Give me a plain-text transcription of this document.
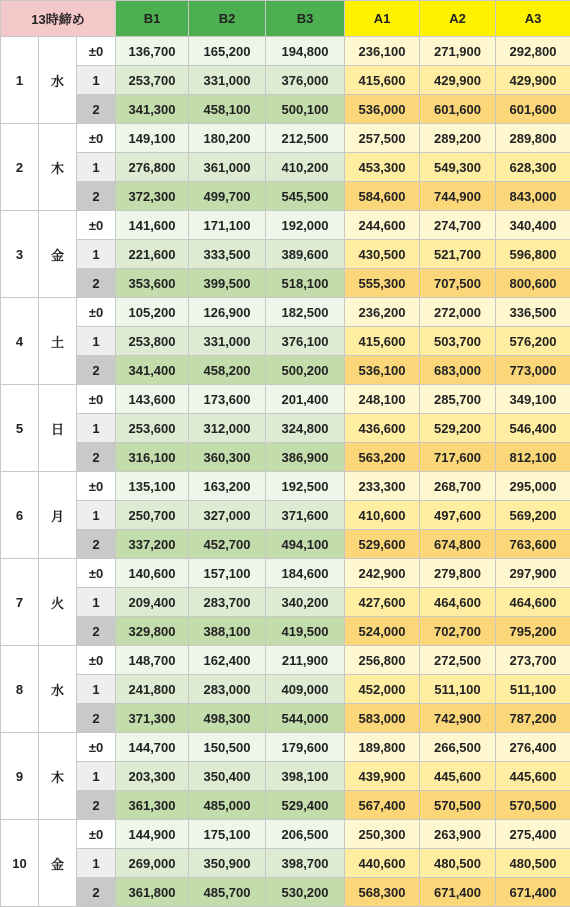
13時締め			B1	B2	B3	A1	A2	A3
1	水	±0	136,700	165,200	194,800	236,100	271,900	292,800
		1	253,700	331,000	376,000	415,600	429,900	429,900
		2	341,300	458,100	500,100	536,000	601,600	601,600
2	木	±0	149,100	180,200	212,500	257,500	289,200	289,800
		1	276,800	361,000	410,200	453,300	549,300	628,300
		2	372,300	499,700	545,500	584,600	744,900	843,000
3	金	±0	141,600	171,100	192,000	244,600	274,700	340,400
		1	221,600	333,500	389,600	430,500	521,700	596,800
		2	353,600	399,500	518,100	555,300	707,500	800,600
4	土	±0	105,200	126,900	182,500	236,200	272,000	336,500
		1	253,800	331,000	376,100	415,600	503,700	576,200
		2	341,400	458,200	500,200	536,100	683,000	773,000
5	日	±0	143,600	173,600	201,400	248,100	285,700	349,100
		1	253,600	312,000	324,800	436,600	529,200	546,400
		2	316,100	360,300	386,900	563,200	717,600	812,100
6	月	±0	135,100	163,200	192,500	233,300	268,700	295,000
		1	250,700	327,000	371,600	410,600	497,600	569,200
		2	337,200	452,700	494,100	529,600	674,800	763,600
7	火	±0	140,600	157,100	184,600	242,900	279,800	297,900
		1	209,400	283,700	340,200	427,600	464,600	464,600
		2	329,800	388,100	419,500	524,000	702,700	795,200
8	水	±0	148,700	162,400	211,900	256,800	272,500	273,700
		1	241,800	283,000	409,000	452,000	511,100	511,100
		2	371,300	498,300	544,000	583,000	742,900	787,200
9	木	±0	144,700	150,500	179,600	189,800	266,500	276,400
		1	203,300	350,400	398,100	439,900	445,600	445,600
		2	361,300	485,000	529,400	567,400	570,500	570,500
10	金	±0	144,900	175,100	206,500	250,300	263,900	275,400
		1	269,000	350,900	398,700	440,600	480,500	480,500
		2	361,800	485,700	530,200	568,300	671,400	671,400
